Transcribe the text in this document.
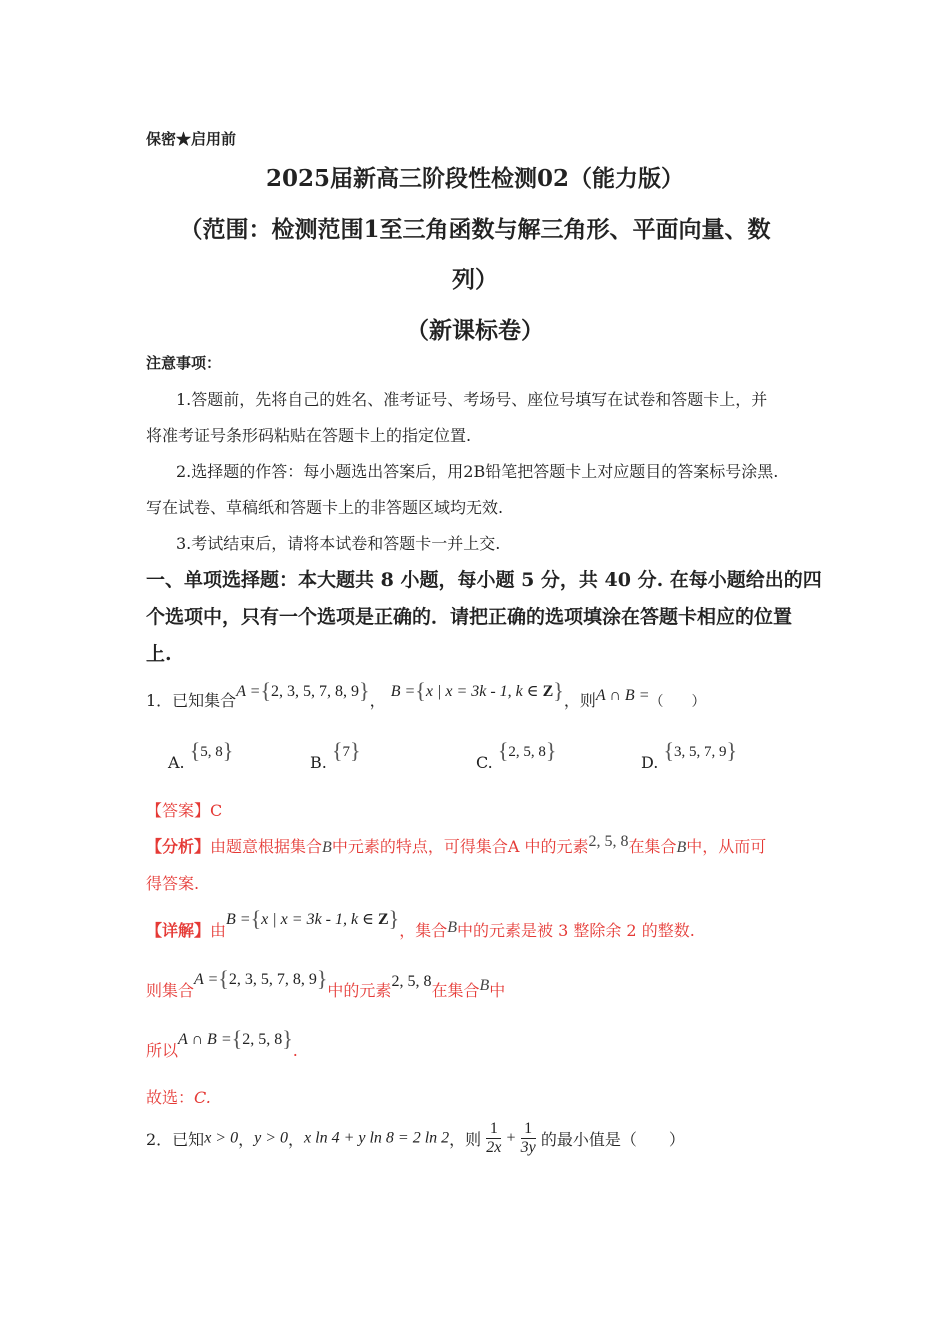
保密★启用前
2025届新高三阶段性检测02（能力版）
（范围：检测范围1至三角函数与解三角形、平面向量、数
列）
（新课标卷）
注意事项：
1.答题前，先将自己的姓名、准考证号、考场号、座位号填写在试卷和答题卡上，并
将准考证号条形码粘贴在答题卡上的指定位置.
2.选择题的作答：每小题选出答案后，用2B铅笔把答题卡上对应题目的答案标号涂黑.
写在试卷、草稿纸和答题卡上的非答题区域均无效.
3.考试结束后，请将本试卷和答题卡一并上交.
一、单项选择题：本大题共 8 小题，每小题 5 分，共 40 分. 在每小题给出的四
个选项中，只有一个选项是正确的．请把正确的选项填涂在答题卡相应的位置
上.
1．已知集合A ={2, 3, 5, 7, 8, 9}， B ={x | x = 3k - 1, k ∈ Z}，则A ∩ B =（　　）
A. {5, 8}	B. {7}	C. {2, 5, 8}	D. {3, 5, 7, 9}
【答案】C
【分析】由题意根据集合B中元素的特点，可得集合A 中的元素2, 5, 8在集合B中，从而可
得答案.
【详解】由B ={x | x = 3k - 1, k ∈ Z}，集合B中的元素是被 3 整除余 2 的整数.
则集合A ={2, 3, 5, 7, 8, 9}中的元素2, 5, 8在集合B中
所以A ∩ B ={2, 5, 8}.
故选：C.
2．已知x > 0，y > 0，x ln 4 + y ln 8 = 2 ln 2，则 $\frac{1}{2x} + \frac{1}{3y}$ 的最小值是（　　）
